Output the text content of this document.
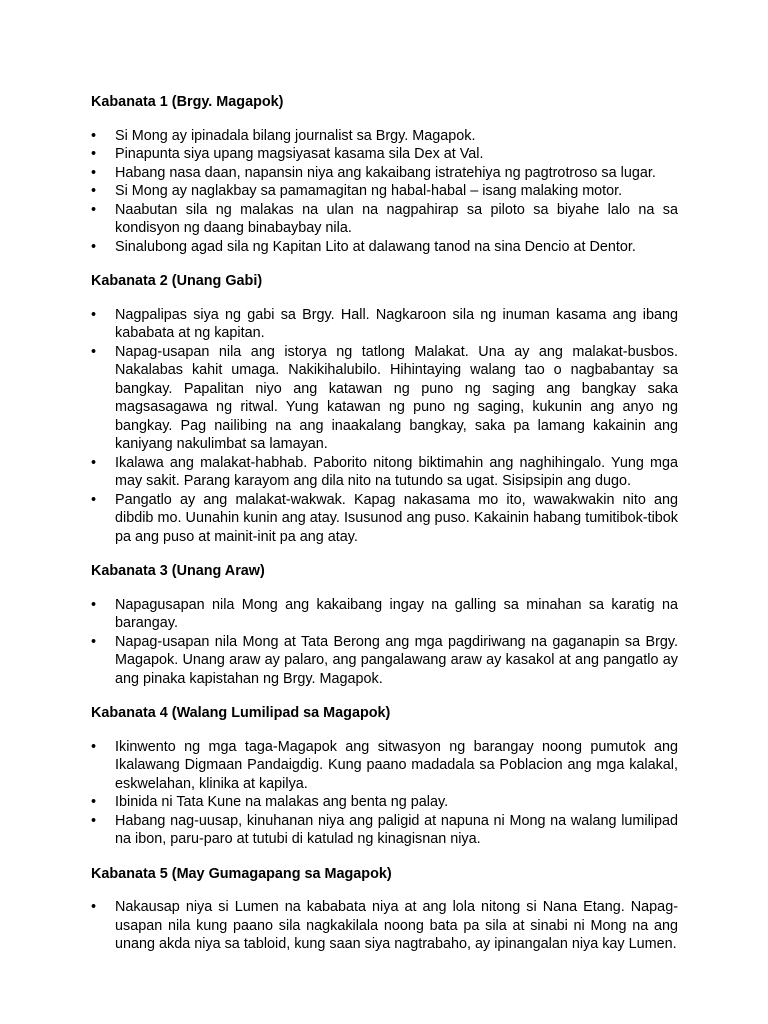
Kabanata 1 (Brgy. Magapok)
• Si Mong ay ipinadala bilang journalist sa Brgy. Magapok.
• Pinapunta siya upang magsiyasat kasama sila Dex at Val.
• Habang nasa daan, napansin niya ang kakaibang istratehiya ng pagtrotroso sa lugar.
• Si Mong ay naglakbay sa pamamagitan ng habal-habal – isang malaking motor.
• Naabutan sila ng malakas na ulan na nagpahirap sa piloto sa biyahe lalo na sa kondisyon ng daang binabaybay nila.
• Sinalubong agad sila ng Kapitan Lito at dalawang tanod na sina Dencio at Dentor.
Kabanata 2 (Unang Gabi)
• Nagpalipas siya ng gabi sa Brgy. Hall. Nagkaroon sila ng inuman kasama ang ibang kababata at ng kapitan.
• Napag-usapan nila ang istorya ng tatlong Malakat. Una ay ang malakat-busbos. Nakalabas kahit umaga. Nakikihalubilo. Hihintaying walang tao o nagbabantay sa bangkay. Papalitan niyo ang katawan ng puno ng saging ang bangkay saka magsasagawa ng ritwal. Yung katawan ng puno ng saging, kukunin ang anyo ng bangkay. Pag nailibing na ang inaakalang bangkay, saka pa lamang kakainin ang kaniyang nakulimbat sa lamayan.
• Ikalawa ang malakat-habhab. Paborito nitong biktimahin ang naghihingalo. Yung mga may sakit. Parang karayom ang dila nito na tutundo sa ugat. Sisipsipin ang dugo.
• Pangatlo ay ang malakat-wakwak. Kapag nakasama mo ito, wawakwakin nito ang dibdib mo. Uunahin kunin ang atay. Isusunod ang puso. Kakainin habang tumitibok-tibok pa ang puso at mainit-init pa ang atay.
Kabanata 3 (Unang Araw)
• Napagusapan nila Mong ang kakaibang ingay na galling sa minahan sa karatig na barangay.
• Napag-usapan nila Mong at Tata Berong ang mga pagdiriwang na gaganapin sa Brgy. Magapok. Unang araw ay palaro, ang pangalawang araw ay kasakol at ang pangatlo ay ang pinaka kapistahan ng Brgy. Magapok.
Kabanata 4 (Walang Lumilipad sa Magapok)
• Ikinwento ng mga taga-Magapok ang sitwasyon ng barangay noong pumutok ang Ikalawang Digmaan Pandaigdig. Kung paano madadala sa Poblacion ang mga kalakal, eskwelahan, klinika at kapilya.
• Ibinida ni Tata Kune na malakas ang benta ng palay.
• Habang nag-uusap, kinuhanan niya ang paligid at napuna ni Mong na walang lumilipad na ibon, paru-paro at tutubi di katulad ng kinagisnan niya.
Kabanata 5 (May Gumagapang sa Magapok)
• Nakausap niya si Lumen na kababata niya at ang lola nitong si Nana Etang. Napag-usapan nila kung paano sila nagkakilala noong bata pa sila at sinabi ni Mong na ang unang akda niya sa tabloid, kung saan siya nagtrabaho, ay ipinangalan niya kay Lumen.
